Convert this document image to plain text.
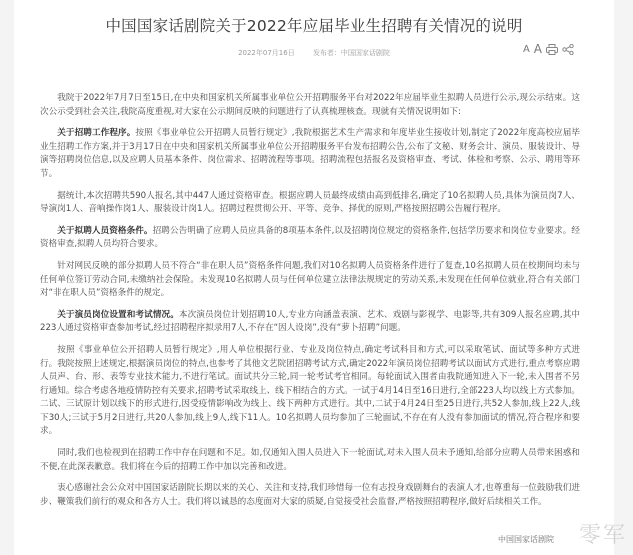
中国国家话剧院关于2022年应届毕业生招聘有关情况的说明
2022年07月16日	发布者：中国国家话剧院	A A

我院于2022年7月7日至15日,在中央和国家机关所属事业单位公开招聘服务平台对2022年应届毕业生拟聘人员进行公示,现公示结束。这次公示受到社会关注,我院高度重视,对大家在公示期间反映的问题进行了认真梳理核查。现就有关情况说明如下:

关于招聘工作程序。按照《事业单位公开招聘人员暂行规定》,我院根据艺术生产需求和年度毕业生接收计划,制定了2022年度高校应届毕业生招聘工作方案,并于3月17日在中央和国家机关所属事业单位公开招聘服务平台发布招聘公告,公布了文秘、财务会计、演员、服装设计、导演等招聘岗位信息,以及应聘人员基本条件、岗位需求、招聘流程等事项。招聘流程包括报名及资格审查、考试、体检和考察、公示、聘用等环节。

据统计,本次招聘共590人报名,其中447人通过资格审查。根据应聘人员最终成绩由高到低排名,确定了10名拟聘人员,具体为演员岗7人、导演岗1人、音响操作岗1人、服装设计岗1人。招聘过程贯彻公开、平等、竞争、择优的原则,严格按照招聘公告履行程序。

关于拟聘人员资格条件。招聘公告明确了应聘人员应具备的8项基本条件,以及招聘岗位规定的资格条件,包括学历要求和岗位专业要求。经资格审查,拟聘人员均符合要求。

针对网民反映的部分拟聘人员不符合“非在职人员”资格条件问题,我们对10名拟聘人员资格条件进行了复查,10名拟聘人员在校期间均未与任何单位签订劳动合同,未缴纳社会保险。未发现10名拟聘人员与任何单位建立法律法规规定的劳动关系,未发现在任何单位就业,符合有关部门对“非在职人员”资格条件的规定。

关于演员岗位设置和考试情况。本次演员岗位计划招聘10人,专业方向涵盖表演、艺术、戏剧与影视学、电影等,共有309人报名应聘,其中223人通过资格审查参加考试,经过招聘程序拟录用7人,不存在“因人设岗”,没有“萝卜招聘”问题。

按照《事业单位公开招聘人员暂行规定》,用人单位根据行业、专业及岗位特点,确定考试科目和方式,可以采取笔试、面试等多种方式进行。我院按照上述规定,根据演员岗位的特点,也参考了其他文艺院团招聘考试方式,确定2022年演员岗位招聘考试以面试方式进行,重点考察应聘人员声、台、形、表等专业技术能力,不进行笔试。面试共分三轮,同一轮考试考官相同。每轮面试入围者由我院通知进入下一轮,未入围者不另行通知。综合考虑各地疫情防控有关要求,招聘考试采取线上、线下相结合的方式。一试于4月14日至16日进行,全部223人均以线上方式参加。二试、三试原计划以线下的形式进行,因受疫情影响改为线上、线下两种方式进行。其中,二试于4月24日至25日进行,共52人参加,线上22人,线下30人;三试于5月2日进行,共20人参加,线上9人,线下11人。10名拟聘人员均参加了三轮面试,不存在有人没有参加面试的情况,符合程序和要求。

同时,我们也检视到在招聘工作中存在问题和不足。如,仅通知入围人员进入下一轮面试,对未入围人员未予通知,给部分应聘人员带来困惑和不便,在此深表歉意。我们将在今后的招聘工作中加以完善和改进。

衷心感谢社会公众对中国国家话剧院长期以来的关心、关注和支持,我们珍惜每一位有志投身戏剧舞台的表演人才,也尊重每一位鼓励我们进步、鞭策我们前行的观众和各方人士。我们将以诚恳的态度面对大家的质疑,自觉接受社会监督,严格按照招聘程序,做好后续相关工作。

中国国家话剧院 零军
